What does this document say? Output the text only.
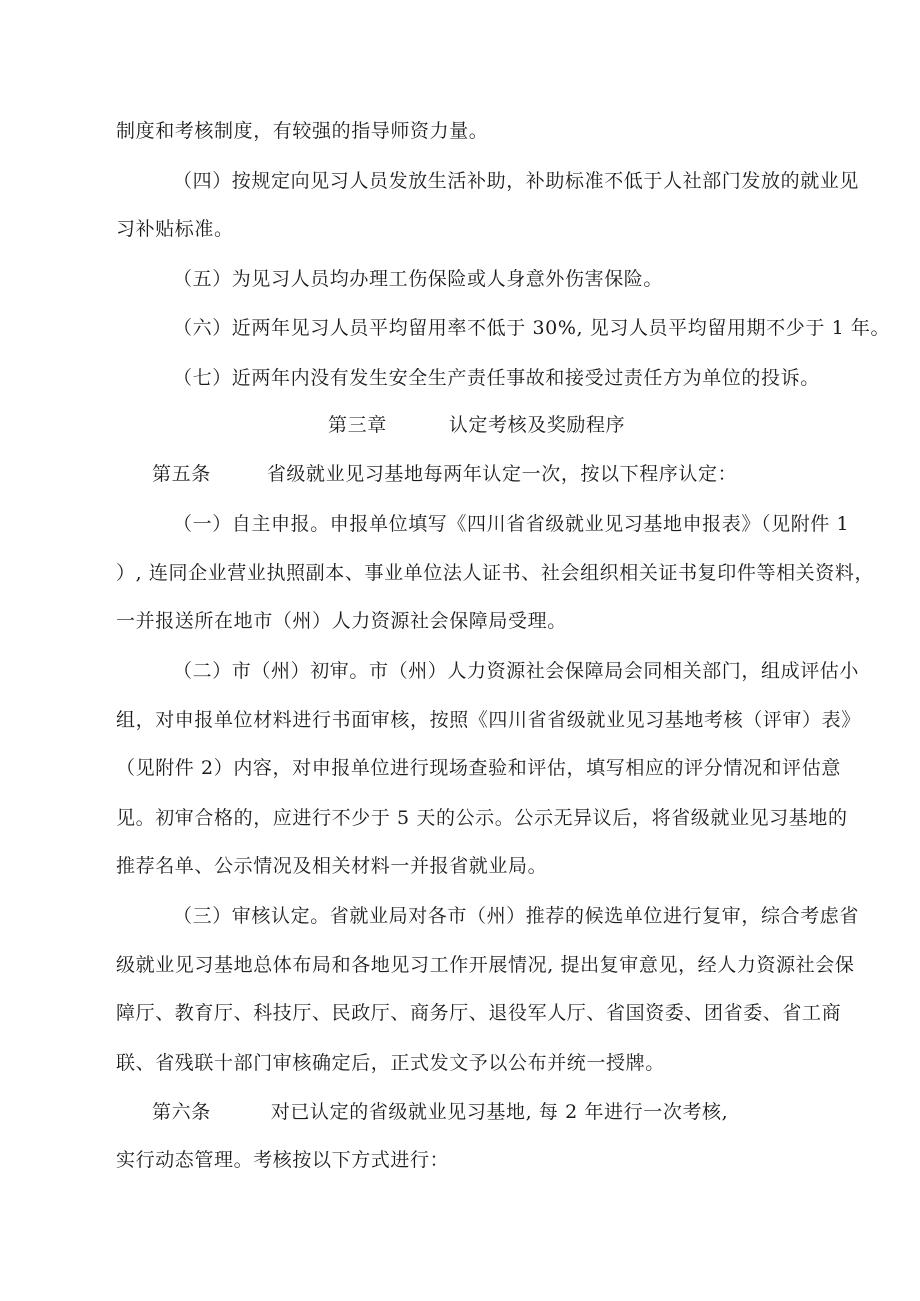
制度和考核制度，有较强的指导师资力量。
（四）按规定向见习人员发放生活补助，补助标准不低于人社部门发放的就业见
习补贴标准。
（五）为见习人员均办理工伤保险或人身意外伤害保险。
（六）近两年见习人员平均留用率不低于 30%, 见习人员平均留用期不少于 1 年。
（七）近两年内没有发生安全生产责任事故和接受过责任方为单位的投诉。
第三章	认定考核及奖励程序
第五条	省级就业见习基地每两年认定一次，按以下程序认定：
（一）自主申报。申报单位填写《四川省省级就业见习基地申报表》（见附件 1
）, 连同企业营业执照副本、事业单位法人证书、社会组织相关证书复印件等相关资料，
一并报送所在地市（州）人力资源社会保障局受理。
（二）市（州）初审。市（州）人力资源社会保障局会同相关部门，组成评估小
组，对申报单位材料进行书面审核，按照《四川省省级就业见习基地考核（评审）表》
（见附件 2）内容，对申报单位进行现场查验和评估，填写相应的评分情况和评估意
见。初审合格的，应进行不少于 5 天的公示。公示无异议后，将省级就业见习基地的
推荐名单、公示情况及相关材料一并报省就业局。
（三）审核认定。省就业局对各市（州）推荐的候选单位进行复审，综合考虑省
级就业见习基地总体布局和各地见习工作开展情况, 提出复审意见，经人力资源社会保
障厅、教育厅、科技厅、民政厅、商务厅、退役军人厅、省国资委、团省委、省工商
联、省残联十部门审核确定后，正式发文予以公布并统一授牌。
第六条	对已认定的省级就业见习基地, 每 2 年进行一次考核,
实行动态管理。考核按以下方式进行：
